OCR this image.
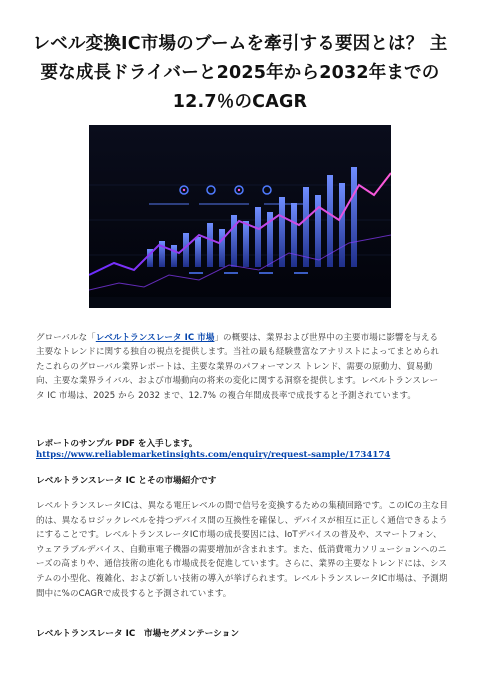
レベル変換IC市場のブームを牽引する要因とは？ 主要な成長ドライバーと2025年から2032年までの12.7％のCAGR

グローバルな「レベルトランスレータ IC 市場」の概要は、業界および世界中の主要市場に影響を与える主要なトレンドに関する独自の視点を提供します。当社の最も経験豊富なアナリストによってまとめられたこれらのグローバル業界レポートは、主要な業界のパフォーマンス トレンド、需要の原動力、貿易動向、主要な業界ライバル、および市場動向の将来の変化に関する洞察を提供します。レベルトランスレータ IC 市場は、2025 から 2032 まで、12.7% の複合年間成長率で成長すると予測されています。

レポートのサンプル PDF を入手します。
https://www.reliablemarketinsights.com/enquiry/request-sample/1734174
レベルトランスレータ IC とその市場紹介です

レベルトランスレータICは、異なる電圧レベルの間で信号を変換するための集積回路です。このICの主な目的は、異なるロジックレベルを持つデバイス間の互換性を確保し、デバイスが相互に正しく通信できるようにすることです。レベルトランスレータIC市場の成長要因には、IoTデバイスの普及や、スマートフォン、ウェアラブルデバイス、自動車電子機器の需要増加が含まれます。また、低消費電力ソリューションへのニーズの高まりや、通信技術の進化も市場成長を促進しています。さらに、業界の主要なトレンドには、システムの小型化、複雑化、および新しい技術の導入が挙げられます。レベルトランスレータIC市場は、予測期間中に%のCAGRで成長すると予測されています。

レベルトランスレータ IC　市場セグメンテーション
